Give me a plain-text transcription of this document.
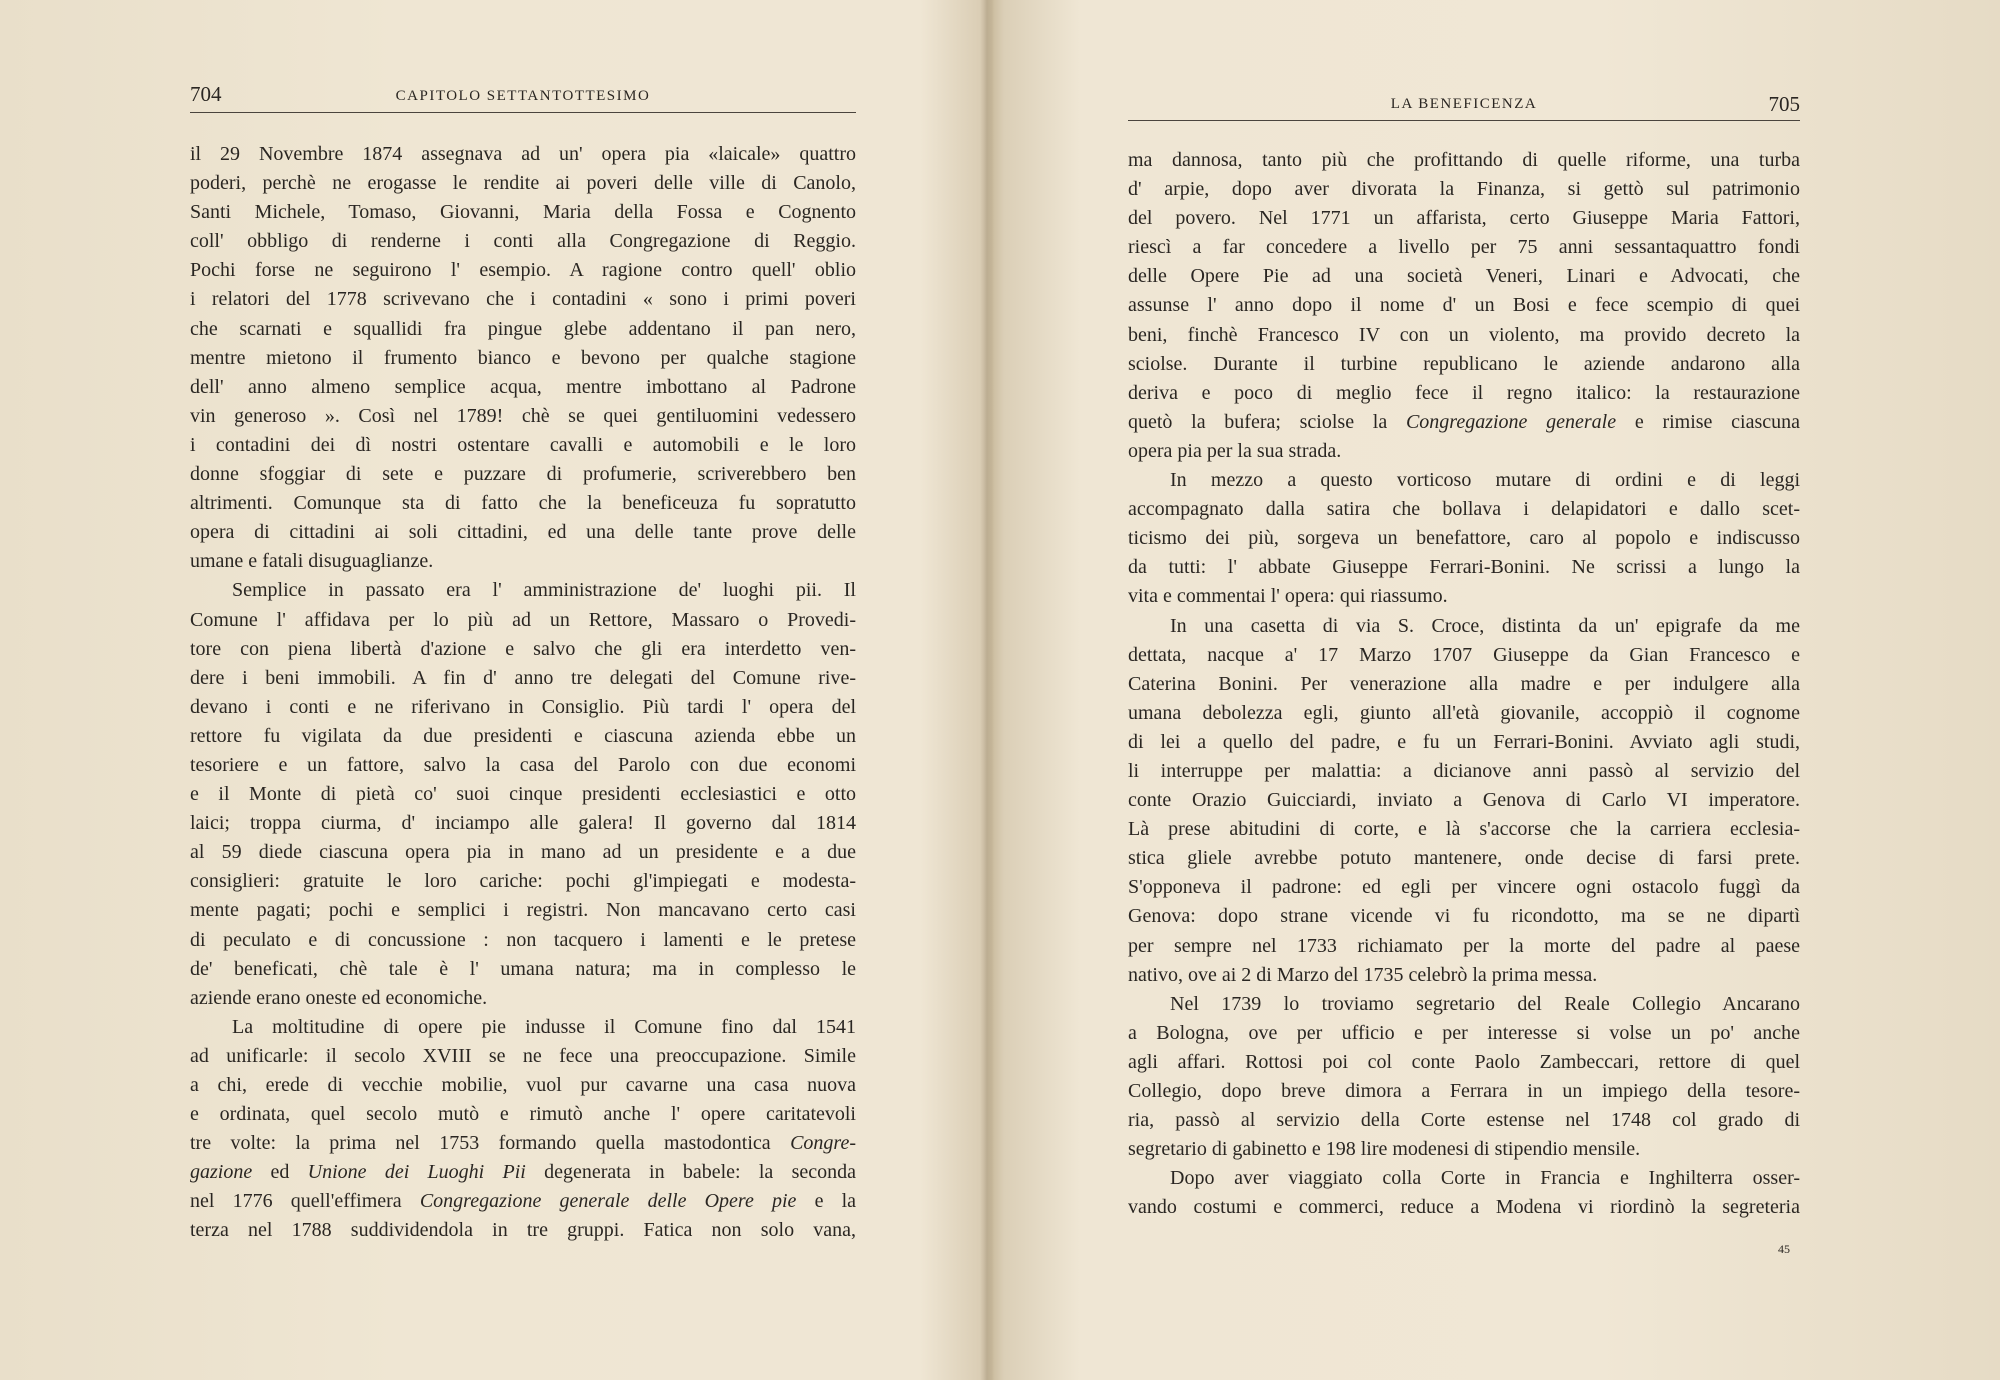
704	CAPITOLO SETTANTOTTESIMO
il 29 Novembre 1874 assegnava ad un' opera pia «laicale» quattro
poderi, perchè ne erogasse le rendite ai poveri delle ville di Canolo,
Santi Michele, Tomaso, Giovanni, Maria della Fossa e Cognento
coll' obbligo di renderne i conti alla Congregazione di Reggio.
Pochi forse ne seguirono l' esempio. A ragione contro quell' oblio
i relatori del 1778 scrivevano che i contadini « sono i primi poveri
che scarnati e squallidi fra pingue glebe addentano il pan nero,
mentre mietono il frumento bianco e bevono per qualche stagione
dell' anno almeno semplice acqua, mentre imbottano al Padrone
vin generoso ». Così nel 1789! chè se quei gentiluomini vedessero
i contadini dei dì nostri ostentare cavalli e automobili e le loro
donne sfoggiar di sete e puzzare di profumerie, scriverebbero ben
altrimenti. Comunque sta di fatto che la beneficeuza fu sopratutto
opera di cittadini ai soli cittadini, ed una delle tante prove delle
umane e fatali disuguaglianze.
Semplice in passato era l' amministrazione de' luoghi pii. Il
Comune l' affidava per lo più ad un Rettore, Massaro o Provedi-
tore con piena libertà d'azione e salvo che gli era interdetto ven-
dere i beni immobili. A fin d' anno tre delegati del Comune rive-
devano i conti e ne riferivano in Consiglio. Più tardi l' opera del
rettore fu vigilata da due presidenti e ciascuna azienda ebbe un
tesoriere e un fattore, salvo la casa del Parolo con due economi
e il Monte di pietà co' suoi cinque presidenti ecclesiastici e otto
laici; troppa ciurma, d' inciampo alle galera! Il governo dal 1814
al 59 diede ciascuna opera pia in mano ad un presidente e a due
consiglieri: gratuite le loro cariche: pochi gl'impiegati e modesta-
mente pagati; pochi e semplici i registri. Non mancavano certo casi
di peculato e di concussione : non tacquero i lamenti e le pretese
de' beneficati, chè tale è l' umana natura; ma in complesso le
aziende erano oneste ed economiche.
La moltitudine di opere pie indusse il Comune fino dal 1541
ad unificarle: il secolo XVIII se ne fece una preoccupazione. Simile
a chi, erede di vecchie mobilie, vuol pur cavarne una casa nuova
e ordinata, quel secolo mutò e rimutò anche l' opere caritatevoli
tre volte: la prima nel 1753 formando quella mastodontica Congre-
gazione ed Unione dei Luoghi Pii degenerata in babele: la seconda
nel 1776 quell'effimera Congregazione generale delle Opere pie e la
terza nel 1788 suddividendola in tre gruppi. Fatica non solo vana,
LA BENEFICENZA	705
ma dannosa, tanto più che profittando di quelle riforme, una turba
d' arpie, dopo aver divorata la Finanza, si gettò sul patrimonio
del povero. Nel 1771 un affarista, certo Giuseppe Maria Fattori,
riescì a far concedere a livello per 75 anni sessantaquattro fondi
delle Opere Pie ad una società Veneri, Linari e Advocati, che
assunse l' anno dopo il nome d' un Bosi e fece scempio di quei
beni, finchè Francesco IV con un violento, ma provido decreto la
sciolse. Durante il turbine republicano le aziende andarono alla
deriva e poco di meglio fece il regno italico: la restaurazione
quetò la bufera; sciolse la Congregazione generale e rimise ciascuna
opera pia per la sua strada.
In mezzo a questo vorticoso mutare di ordini e di leggi
accompagnato dalla satira che bollava i delapidatori e dallo scet-
ticismo dei più, sorgeva un benefattore, caro al popolo e indiscusso
da tutti: l' abbate Giuseppe Ferrari-Bonini. Ne scrissi a lungo la
vita e commentai l' opera: qui riassumo.
In una casetta di via S. Croce, distinta da un' epigrafe da me
dettata, nacque a' 17 Marzo 1707 Giuseppe da Gian Francesco e
Caterina Bonini. Per venerazione alla madre e per indulgere alla
umana debolezza egli, giunto all'età giovanile, accoppiò il cognome
di lei a quello del padre, e fu un Ferrari-Bonini. Avviato agli studi,
li interruppe per malattia: a dicianove anni passò al servizio del
conte Orazio Guicciardi, inviato a Genova di Carlo VI imperatore.
Là prese abitudini di corte, e là s'accorse che la carriera ecclesia-
stica gliele avrebbe potuto mantenere, onde decise di farsi prete.
S'opponeva il padrone: ed egli per vincere ogni ostacolo fuggì da
Genova: dopo strane vicende vi fu ricondotto, ma se ne dipartì
per sempre nel 1733 richiamato per la morte del padre al paese
nativo, ove ai 2 di Marzo del 1735 celebrò la prima messa.
Nel 1739 lo troviamo segretario del Reale Collegio Ancarano
a Bologna, ove per ufficio e per interesse si volse un po' anche
agli affari. Rottosi poi col conte Paolo Zambeccari, rettore di quel
Collegio, dopo breve dimora a Ferrara in un impiego della tesore-
ria, passò al servizio della Corte estense nel 1748 col grado di
segretario di gabinetto e 198 lire modenesi di stipendio mensile.
Dopo aver viaggiato colla Corte in Francia e Inghilterra osser-
vando costumi e commerci, reduce a Modena vi riordinò la segreteria
45
